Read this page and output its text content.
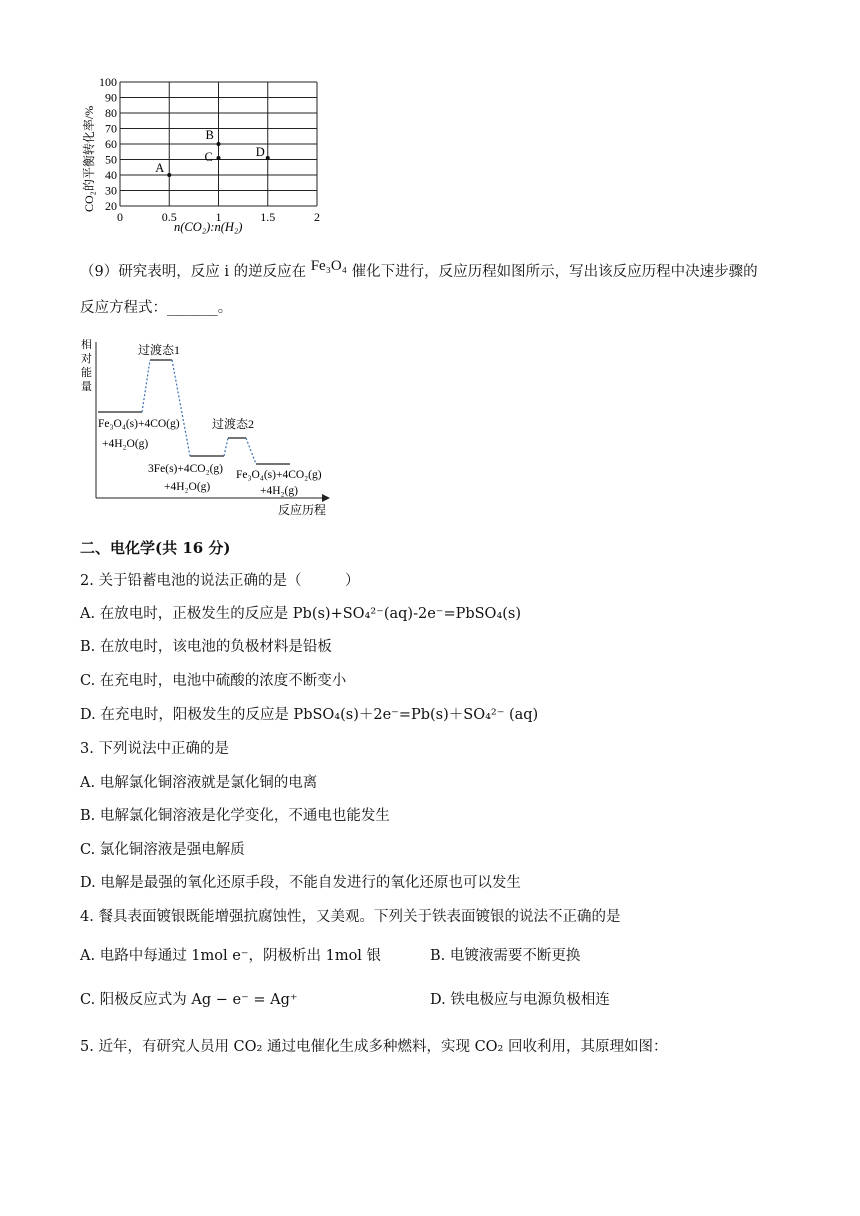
20
30
40
50
60
70
80
90
100
0	0.5	1	1.5	2
A
B
C	D
CO₂的平衡转化率/%
n(CO₂):n(H₂)
（9）研究表明，反应 i 的逆反应在 Fe₃O₄ 催化下进行，反应历程如图所示，写出该反应历程中决速步骤的
反应方程式：_______。
相
对
能
量
过渡态1
过渡态2
Fe₃O₄(s)+4CO(g)
+4H₂O(g)
3Fe(s)+4CO₂(g)
+4H₂O(g)
Fe₃O₄(s)+4CO₂(g)
+4H₂(g)
反应历程
二、电化学(共 16 分)
2. 关于铅蓄电池的说法正确的是（　　　）
A. 在放电时，正极发生的反应是 Pb(s)+SO₄²⁻(aq)-2e⁻=PbSO₄(s)
B. 在放电时，该电池的负极材料是铅板
C. 在充电时，电池中硫酸的浓度不断变小
D. 在充电时，阳极发生的反应是 PbSO₄(s)＋2e⁻=Pb(s)＋SO₄²⁻ (aq)
3. 下列说法中正确的是
A. 电解氯化铜溶液就是氯化铜的电离
B. 电解氯化铜溶液是化学变化，不通电也能发生
C. 氯化铜溶液是强电解质
D. 电解是最强的氧化还原手段，不能自发进行的氧化还原也可以发生
4. 餐具表面镀银既能增强抗腐蚀性，又美观。下列关于铁表面镀银的说法不正确的是
A. 电路中每通过 1mol e⁻，阴极析出 1mol 银	B. 电镀液需要不断更换
C. 阳极反应式为 Ag − e⁻ = Ag⁺	D. 铁电极应与电源负极相连
5. 近年，有研究人员用 CO₂ 通过电催化生成多种燃料，实现 CO₂ 回收利用，其原理如图：
